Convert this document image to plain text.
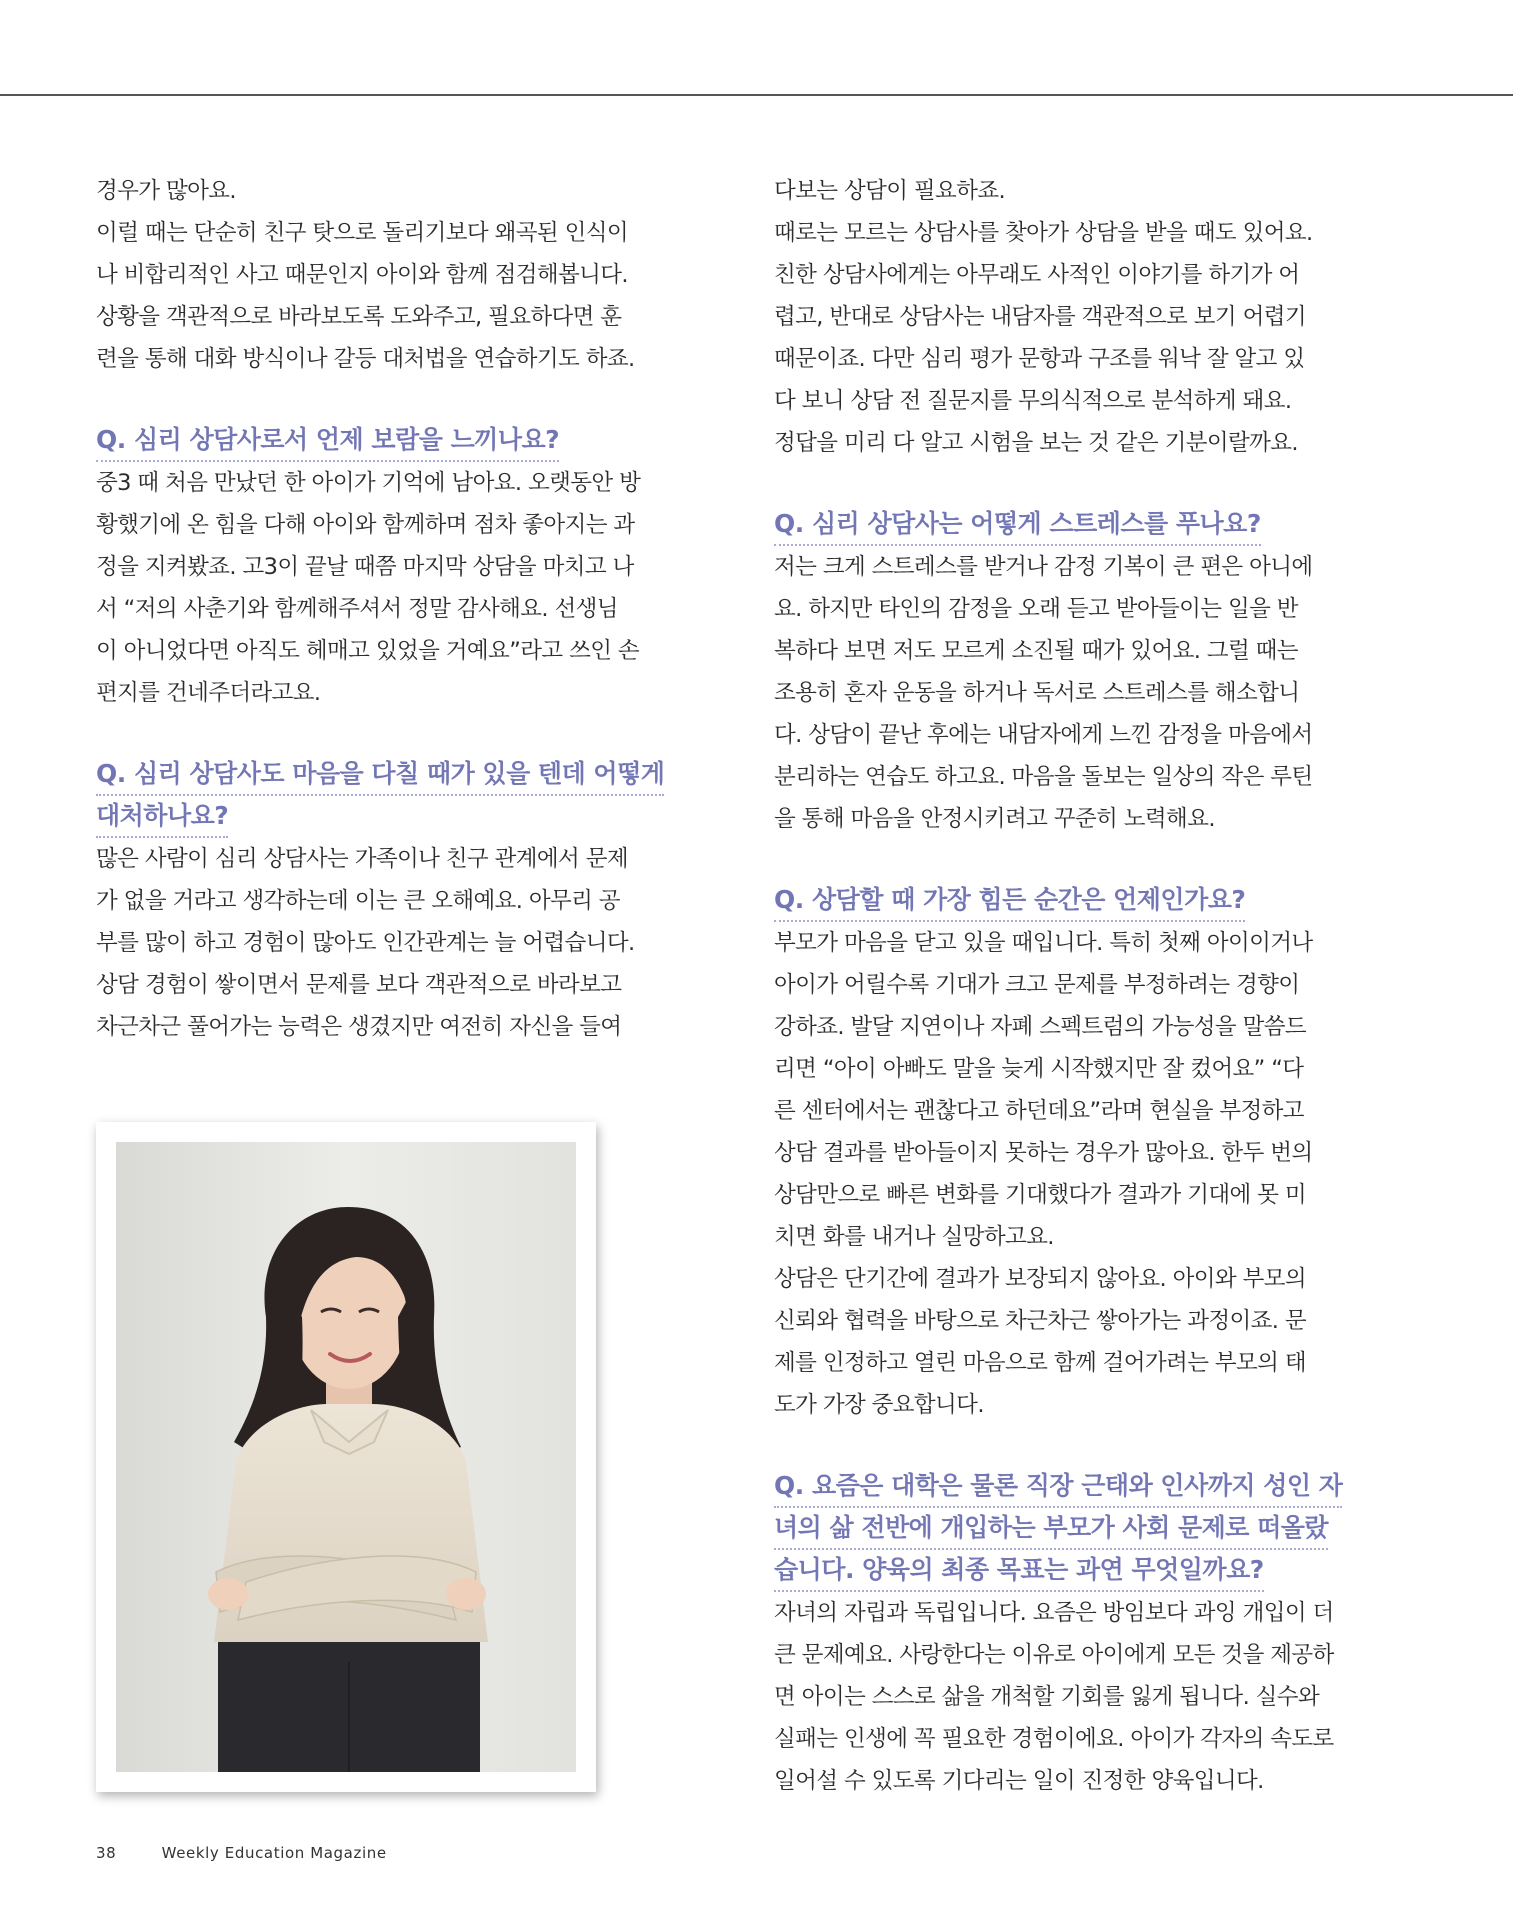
경우가 많아요.
이럴 때는 단순히 친구 탓으로 돌리기보다 왜곡된 인식이
나 비합리적인 사고 때문인지 아이와 함께 점검해봅니다.
상황을 객관적으로 바라보도록 도와주고, 필요하다면 훈
련을 통해 대화 방식이나 갈등 대처법을 연습하기도 하죠.
Q. 심리 상담사로서 언제 보람을 느끼나요?
중3 때 처음 만났던 한 아이가 기억에 남아요. 오랫동안 방
황했기에 온 힘을 다해 아이와 함께하며 점차 좋아지는 과
정을 지켜봤죠. 고3이 끝날 때쯤 마지막 상담을 마치고 나
서 “저의 사춘기와 함께해주셔서 정말 감사해요. 선생님
이 아니었다면 아직도 헤매고 있었을 거예요”라고 쓰인 손
편지를 건네주더라고요.
Q. 심리 상담사도 마음을 다칠 때가 있을 텐데 어떻게
대처하나요?
많은 사람이 심리 상담사는 가족이나 친구 관계에서 문제
가 없을 거라고 생각하는데 이는 큰 오해예요. 아무리 공
부를 많이 하고 경험이 많아도 인간관계는 늘 어렵습니다.
상담 경험이 쌓이면서 문제를 보다 객관적으로 바라보고
차근차근 풀어가는 능력은 생겼지만 여전히 자신을 들여
다보는 상담이 필요하죠.
때로는 모르는 상담사를 찾아가 상담을 받을 때도 있어요.
친한 상담사에게는 아무래도 사적인 이야기를 하기가 어
렵고, 반대로 상담사는 내담자를 객관적으로 보기 어렵기
때문이죠. 다만 심리 평가 문항과 구조를 워낙 잘 알고 있
다 보니 상담 전 질문지를 무의식적으로 분석하게 돼요.
정답을 미리 다 알고 시험을 보는 것 같은 기분이랄까요.
Q. 심리 상담사는 어떻게 스트레스를 푸나요?
저는 크게 스트레스를 받거나 감정 기복이 큰 편은 아니에
요. 하지만 타인의 감정을 오래 듣고 받아들이는 일을 반
복하다 보면 저도 모르게 소진될 때가 있어요. 그럴 때는
조용히 혼자 운동을 하거나 독서로 스트레스를 해소합니
다. 상담이 끝난 후에는 내담자에게 느낀 감정을 마음에서
분리하는 연습도 하고요. 마음을 돌보는 일상의 작은 루틴
을 통해 마음을 안정시키려고 꾸준히 노력해요.
Q. 상담할 때 가장 힘든 순간은 언제인가요?
부모가 마음을 닫고 있을 때입니다. 특히 첫째 아이이거나
아이가 어릴수록 기대가 크고 문제를 부정하려는 경향이
강하죠. 발달 지연이나 자폐 스펙트럼의 가능성을 말씀드
리면 “아이 아빠도 말을 늦게 시작했지만 잘 컸어요” “다
른 센터에서는 괜찮다고 하던데요”라며 현실을 부정하고
상담 결과를 받아들이지 못하는 경우가 많아요. 한두 번의
상담만으로 빠른 변화를 기대했다가 결과가 기대에 못 미
치면 화를 내거나 실망하고요.
상담은 단기간에 결과가 보장되지 않아요. 아이와 부모의
신뢰와 협력을 바탕으로 차근차근 쌓아가는 과정이죠. 문
제를 인정하고 열린 마음으로 함께 걸어가려는 부모의 태
도가 가장 중요합니다.
Q. 요즘은 대학은 물론 직장 근태와 인사까지 성인 자
녀의 삶 전반에 개입하는 부모가 사회 문제로 떠올랐
습니다. 양육의 최종 목표는 과연 무엇일까요?
자녀의 자립과 독립입니다. 요즘은 방임보다 과잉 개입이 더
큰 문제예요. 사랑한다는 이유로 아이에게 모든 것을 제공하
면 아이는 스스로 삶을 개척할 기회를 잃게 됩니다. 실수와
실패는 인생에 꼭 필요한 경험이에요. 아이가 각자의 속도로
일어설 수 있도록 기다리는 일이 진정한 양육입니다.
38	Weekly Education Magazine
